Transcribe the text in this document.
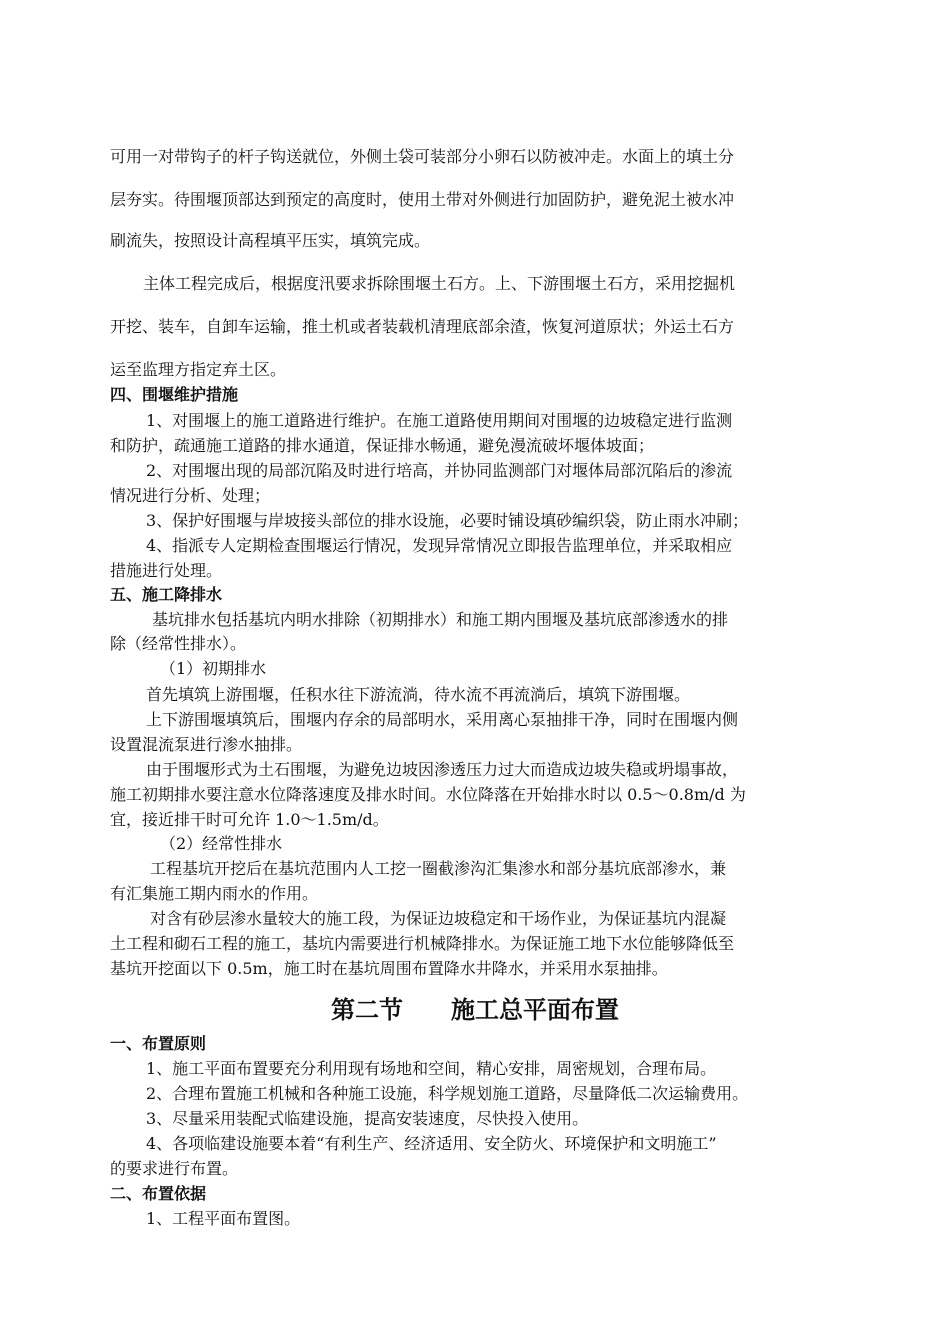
可用一对带钩子的杆子钩送就位，外侧土袋可装部分小卵石以防被冲走。水面上的填土分
层夯实。待围堰顶部达到预定的高度时，使用土带对外侧进行加固防护，避免泥土被水冲
刷流失，按照设计高程填平压实，填筑完成。
主体工程完成后，根据度汛要求拆除围堰土石方。上、下游围堰土石方，采用挖掘机
开挖、装车，自卸车运输，推土机或者装载机清理底部余渣，恢复河道原状；外运土石方
运至监理方指定弃土区。
四、围堰维护措施
1、对围堰上的施工道路进行维护。在施工道路使用期间对围堰的边坡稳定进行监测
和防护，疏通施工道路的排水通道，保证排水畅通，避免漫流破坏堰体坡面；
2、对围堰出现的局部沉陷及时进行培高，并协同监测部门对堰体局部沉陷后的渗流
情况进行分析、处理；
3、保护好围堰与岸坡接头部位的排水设施，必要时铺设填砂编织袋，防止雨水冲刷；
4、指派专人定期检查围堰运行情况，发现异常情况立即报告监理单位，并采取相应
措施进行处理。
五、施工降排水
基坑排水包括基坑内明水排除（初期排水）和施工期内围堰及基坑底部渗透水的排
除（经常性排水）。
（1）初期排水
首先填筑上游围堰，任积水往下游流淌，待水流不再流淌后，填筑下游围堰。
上下游围堰填筑后，围堰内存余的局部明水，采用离心泵抽排干净，同时在围堰内侧
设置混流泵进行渗水抽排。
由于围堰形式为土石围堰，为避免边坡因渗透压力过大而造成边坡失稳或坍塌事故，
施工初期排水要注意水位降落速度及排水时间。水位降落在开始排水时以 0.5～0.8m/d 为
宜，接近排干时可允许 1.0～1.5m/d。
（2）经常性排水
工程基坑开挖后在基坑范围内人工挖一圈截渗沟汇集渗水和部分基坑底部渗水，兼
有汇集施工期内雨水的作用。
对含有砂层渗水量较大的施工段，为保证边坡稳定和干场作业，为保证基坑内混凝
土工程和砌石工程的施工，基坑内需要进行机械降排水。为保证施工地下水位能够降低至
基坑开挖面以下 0.5m，施工时在基坑周围布置降水井降水，并采用水泵抽排。
第二节　　施工总平面布置
一、布置原则
1、施工平面布置要充分利用现有场地和空间，精心安排，周密规划，合理布局。
2、合理布置施工机械和各种施工设施，科学规划施工道路，尽量降低二次运输费用。
3、尽量采用装配式临建设施，提高安装速度，尽快投入使用。
4、各项临建设施要本着“有利生产、经济适用、安全防火、环境保护和文明施工”
的要求进行布置。
二、布置依据
1、工程平面布置图。
